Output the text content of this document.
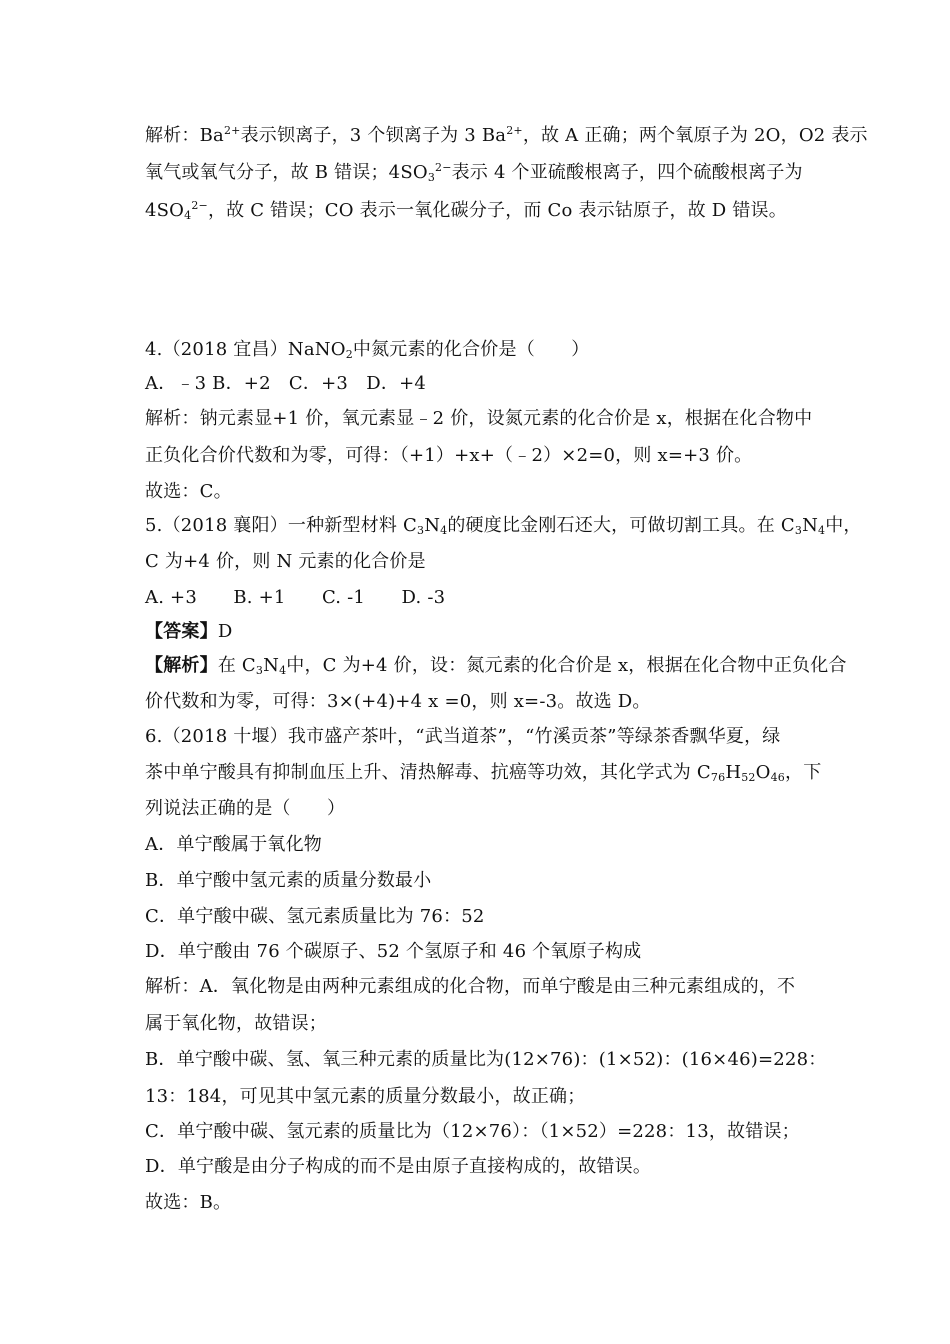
解析：$Ba^{2+}$表示钡离子，3 个钡离子为 3 $Ba^{2+}$，故 A 正确；两个氧原子为 2O，O2 表示
氧气或氧气分子，故 B 错误；$4SO_3^{2-}$表示 4 个亚硫酸根离子，四个硫酸根离子为
$4SO_4^{2-}$，故 C 错误；CO 表示一氧化碳分子，而 Co 表示钴原子，故 D 错误。
4.（2018 宜昌）NaNO$_2$中氮元素的化合价是（　　）
A．﹣3 B．+2　C．+3　D．+4
解析：钠元素显+1 价，氧元素显﹣2 价，设氮元素的化合价是 x，根据在化合物中
正负化合价代数和为零，可得：（+1）+x+（﹣2）×2=0，则 x=+3 价。
故选：C。
5.（2018 襄阳）一种新型材料 $C_3N_4$的硬度比金刚石还大，可做切割工具。在 $C_3N_4$中，
C 为+4 价，则 N 元素的化合价是
A. +3　　B. +1　　C. -1　　D. -3
【答案】D
【解析】在 $C_3N_4$中，C 为+4 价，设：氮元素的化合价是 x，根据在化合物中正负化合
价代数和为零，可得：3×(+4)+4 x =0，则 x=-3。故选 D。
6.（2018 十堰）我市盛产茶叶，“武当道茶”，“竹溪贡茶”等绿茶香飘华夏，绿
茶中单宁酸具有抑制血压上升、清热解毒、抗癌等功效，其化学式为 $C_{76}H_{52}O_{46}$，下
列说法正确的是（　　）
A．单宁酸属于氧化物
B．单宁酸中氢元素的质量分数最小
C．单宁酸中碳、氢元素质量比为 76：52
D．单宁酸由 76 个碳原子、52 个氢原子和 46 个氧原子构成
解析：A．氧化物是由两种元素组成的化合物，而单宁酸是由三种元素组成的，不
属于氧化物，故错误；
B．单宁酸中碳、氢、氧三种元素的质量比为(12×76)：(1×52)：(16×46)=228：
13：184，可见其中氢元素的质量分数最小，故正确；
C．单宁酸中碳、氢元素的质量比为（12×76）：（1×52）=228：13，故错误；
D．单宁酸是由分子构成的而不是由原子直接构成的，故错误。
故选：B。
